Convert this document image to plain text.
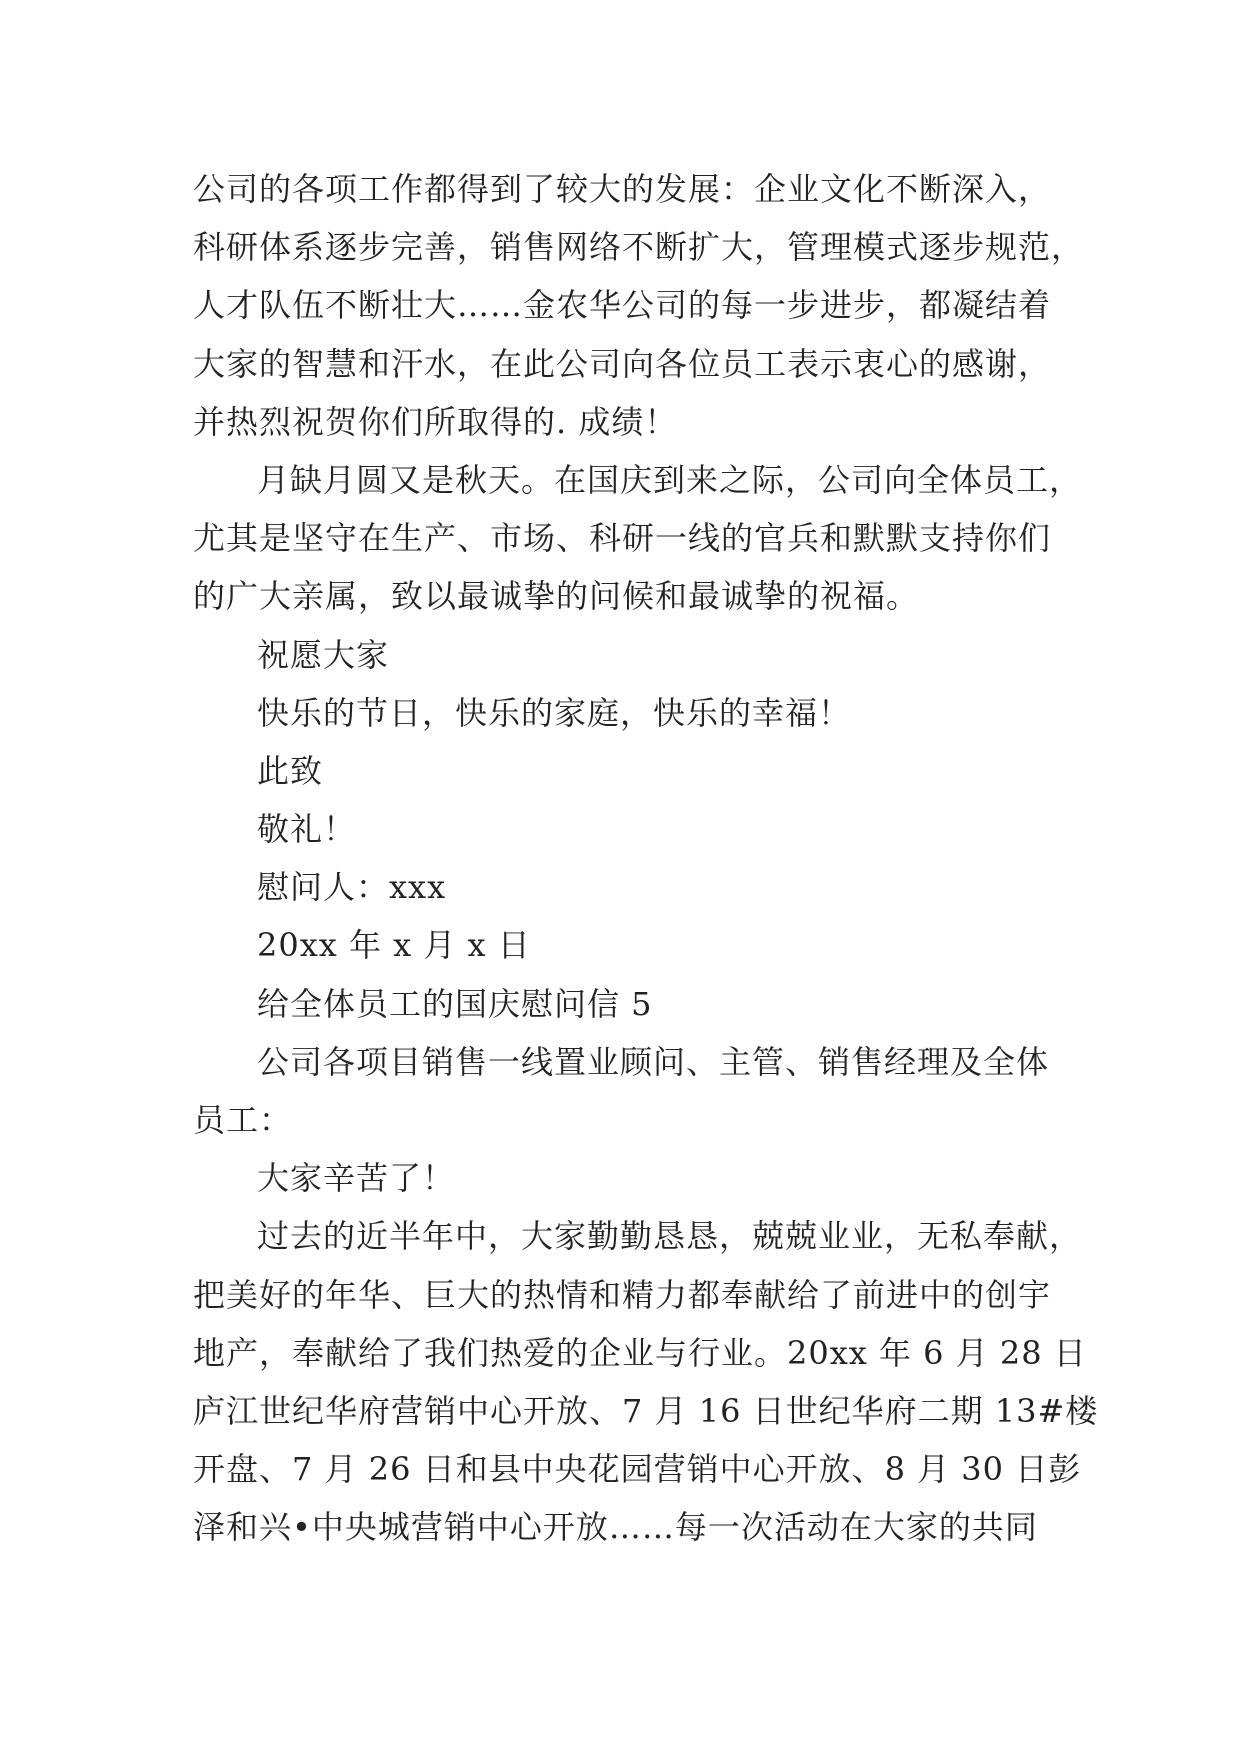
公司的各项工作都得到了较大的发展：企业文化不断深入，
科研体系逐步完善，销售网络不断扩大，管理模式逐步规范，
人才队伍不断壮大……金农华公司的每一步进步，都凝结着
大家的智慧和汗水，在此公司向各位员工表示衷心的感谢，
并热烈祝贺你们所取得的. 成绩！
月缺月圆又是秋天。在国庆到来之际，公司向全体员工，
尤其是坚守在生产、市场、科研一线的官兵和默默支持你们
的广大亲属，致以最诚挚的问候和最诚挚的祝福。
祝愿大家
快乐的节日，快乐的家庭，快乐的幸福！
此致
敬礼！
慰问人：xxx
20xx 年 x 月 x 日
给全体员工的国庆慰问信 5
公司各项目销售一线置业顾问、主管、销售经理及全体
员工：
大家辛苦了！
过去的近半年中，大家勤勤恳恳，兢兢业业，无私奉献，
把美好的年华、巨大的热情和精力都奉献给了前进中的创宇
地产，奉献给了我们热爱的企业与行业。20xx 年 6 月 28 日
庐江世纪华府营销中心开放、7 月 16 日世纪华府二期 13#楼
开盘、7 月 26 日和县中央花园营销中心开放、8 月 30 日彭
泽和兴•中央城营销中心开放……每一次活动在大家的共同
